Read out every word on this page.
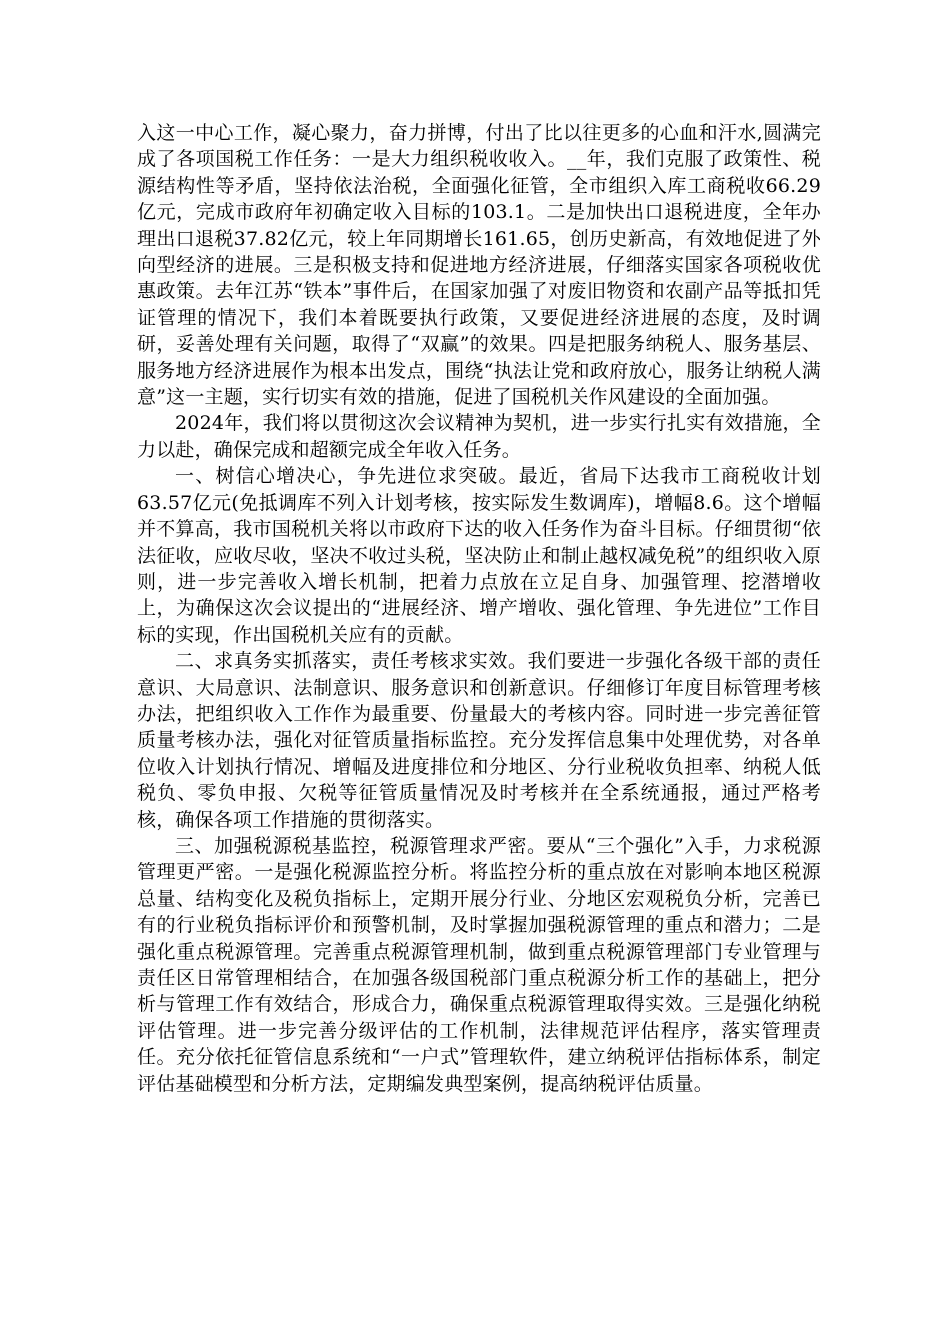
入这一中心工作，凝心聚力，奋力拼博，付出了比以往更多的心血和汗水,圆满完成了各项国税工作任务：一是大力组织税收收入。__年，我们克服了政策性、税源结构性等矛盾，坚持依法治税，全面强化征管，全市组织入库工商税收66.29亿元，完成市政府年初确定收入目标的103.1。二是加快出口退税进度，全年办理出口退税37.82亿元，较上年同期增长161.65，创历史新高，有效地促进了外向型经济的进展。三是积极支持和促进地方经济进展，仔细落实国家各项税收优惠政策。去年江苏“铁本”事件后，在国家加强了对废旧物资和农副产品等抵扣凭证管理的情况下，我们本着既要执行政策，又要促进经济进展的态度，及时调研，妥善处理有关问题，取得了“双赢”的效果。四是把服务纳税人、服务基层、服务地方经济进展作为根本出发点，围绕“执法让党和政府放心，服务让纳税人满意”这一主题，实行切实有效的措施，促进了国税机关作风建设的全面加强。

2024年，我们将以贯彻这次会议精神为契机，进一步实行扎实有效措施，全力以赴，确保完成和超额完成全年收入任务。

一、树信心增决心，争先进位求突破。最近，省局下达我市工商税收计划63.57亿元(免抵调库不列入计划考核，按实际发生数调库)，增幅8.6。这个增幅并不算高，我市国税机关将以市政府下达的收入任务作为奋斗目标。仔细贯彻“依法征收，应收尽收，坚决不收过头税，坚决防止和制止越权减免税”的组织收入原则，进一步完善收入增长机制，把着力点放在立足自身、加强管理、挖潜增收上，为确保这次会议提出的“进展经济、增产增收、强化管理、争先进位”工作目标的实现，作出国税机关应有的贡献。

二、求真务实抓落实，责任考核求实效。我们要进一步强化各级干部的责任意识、大局意识、法制意识、服务意识和创新意识。仔细修订年度目标管理考核办法，把组织收入工作作为最重要、份量最大的考核内容。同时进一步完善征管质量考核办法，强化对征管质量指标监控。充分发挥信息集中处理优势，对各单位收入计划执行情况、增幅及进度排位和分地区、分行业税收负担率、纳税人低税负、零负申报、欠税等征管质量情况及时考核并在全系统通报，通过严格考核，确保各项工作措施的贯彻落实。

三、加强税源税基监控，税源管理求严密。要从“三个强化”入手，力求税源管理更严密。一是强化税源监控分析。将监控分析的重点放在对影响本地区税源总量、结构变化及税负指标上，定期开展分行业、分地区宏观税负分析，完善已有的行业税负指标评价和预警机制，及时掌握加强税源管理的重点和潜力；二是强化重点税源管理。完善重点税源管理机制，做到重点税源管理部门专业管理与责任区日常管理相结合，在加强各级国税部门重点税源分析工作的基础上，把分析与管理工作有效结合，形成合力，确保重点税源管理取得实效。三是强化纳税评估管理。进一步完善分级评估的工作机制，法律规范评估程序，落实管理责任。充分依托征管信息系统和“一户式”管理软件，建立纳税评估指标体系，制定评估基础模型和分析方法，定期编发典型案例，提高纳税评估质量。
